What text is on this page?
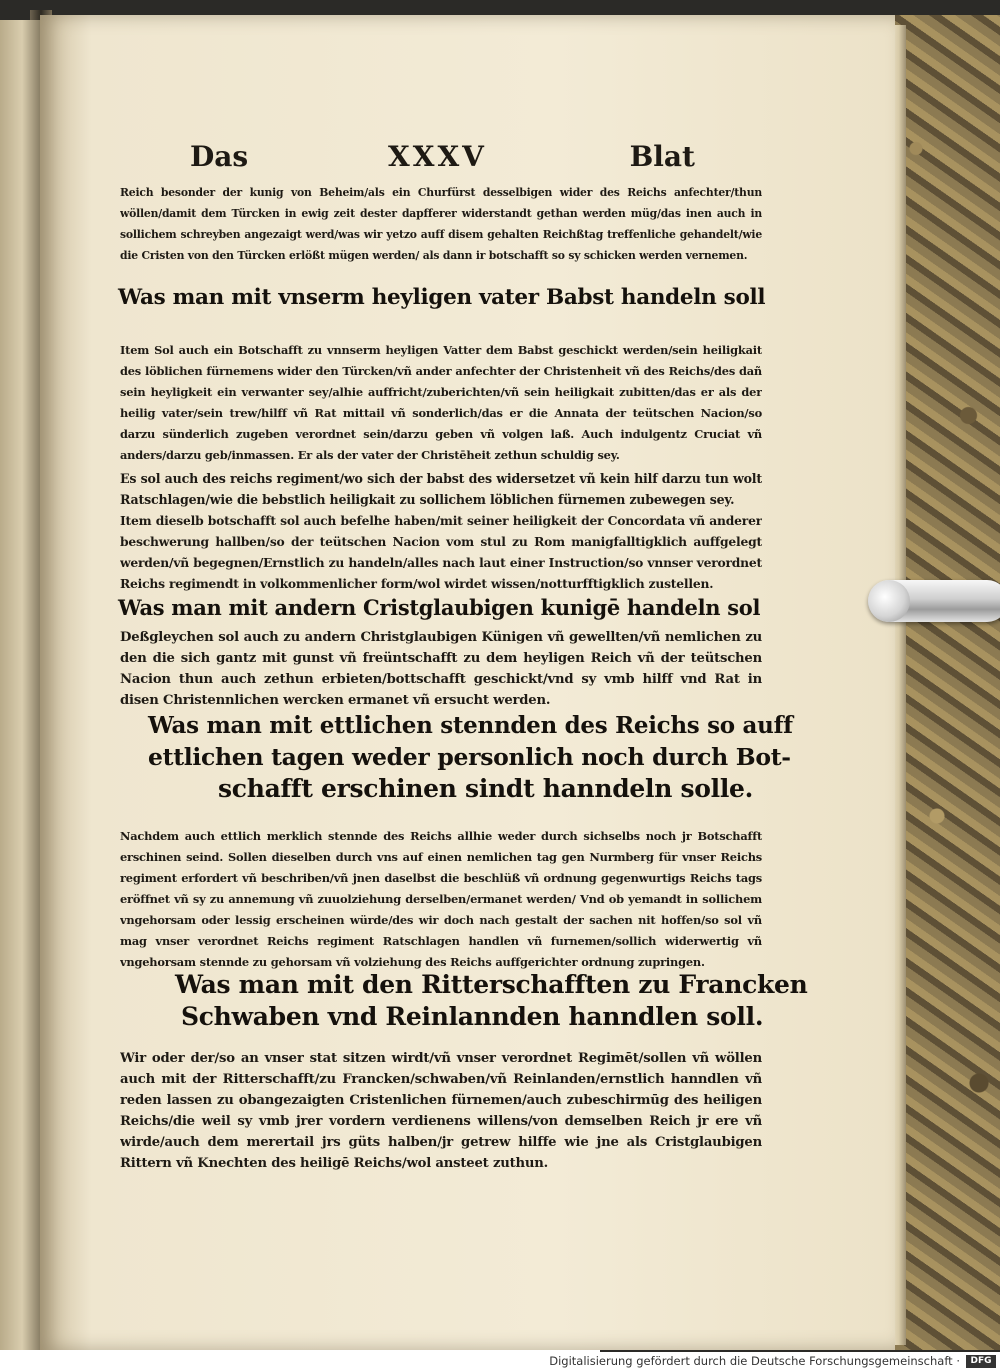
Das	XXXV	Blat

Reich besonder der kunig von Beheim/als ein Churfürst desselbigen wider des Reichs anfechter/thun wöllen/damit dem Türcken in ewig zeit dester dapfferer widerstandt gethan werden müg/das inen auch in sollichem schreyben angezaigt werd/was wir yetzo auff disem gehalten Reichßtag treffenliche gehandelt/wie die Cristen von den Türcken erlößt mügen werden/ als dann ir botschafft so sy schicken werden vernemen.

Was man mit vnserm heyligen vater Babst handeln soll

Item Sol auch ein Botschafft zu vnnserm heyligen Vatter dem Babst geschickt werden/sein heiligkait des löblichen fürnemens wider den Türcken/vñ ander anfechter der Christenheit vñ des Reichs/des dañ sein heyligkeit ein verwanter sey/alhie auffricht/zuberichten/vñ sein heiligkait zubitten/das er als der heilig vater/sein trew/hilff vñ Rat mittail vñ sonderlich/das er die Annata der teütschen Nacion/so darzu sünderlich zugeben verordnet sein/darzu geben vñ volgen laß. Auch indulgentz Cruciat vñ anders/darzu geb/inmassen. Er als der vater der Christēheit zethun schuldig sey.

Es sol auch des reichs regiment/wo sich der babst des widersetzet vñ kein hilf darzu tun wolt Ratschlagen/wie die bebstlich heiligkait zu sollichem löblichen fürnemen zubewegen sey.

Item dieselb botschafft sol auch befelhe haben/mit seiner heiligkeit der Concordata vñ anderer beschwerung hallben/so der teütschen Nacion vom stul zu Rom manigfalltigklich auffgelegt werden/vñ begegnen/Ernstlich zu handeln/alles nach laut einer Instruction/so vnnser verordnet Reichs regimendt in volkommenlicher form/wol wirdet wissen/notturfftigklich zustellen.

Was man mit andern Cristglaubigen kunigē handeln sol

Deßgleychen sol auch zu andern Christglaubigen Künigen vñ gewellten/vñ nemlichen zu den die sich gantz mit gunst vñ freüntschafft zu dem heyligen Reich vñ der teütschen Nacion thun auch zethun erbieten/bottschafft geschickt/vnd sy vmb hilff vnd Rat in disen Christennlichen wercken ermanet vñ ersucht werden.

Was man mit ettlichen stennden des Reichs so auff
ettlichen tagen weder personlich noch durch Bot-
schafft erschinen sindt hanndeln solle.

Nachdem auch ettlich merklich stennde des Reichs allhie weder durch sichselbs noch jr Botschafft erschinen seind. Sollen dieselben durch vns auf einen nemlichen tag gen Nurmberg für vnser Reichs regiment erfordert vñ beschriben/vñ jnen daselbst die beschlüß vñ ordnung gegenwurtigs Reichs tags eröffnet vñ sy zu annemung vñ zuuolziehung derselben/ermanet werden/ Vnd ob yemandt in sollichem vngehorsam oder lessig erscheinen würde/des wir doch nach gestalt der sachen nit hoffen/so sol vñ mag vnser verordnet Reichs regiment Ratschlagen handlen vñ furnemen/sollich widerwertig vñ vngehorsam stennde zu gehorsam vñ volziehung des Reichs auffgerichter ordnung zupringen.

Was man mit den Ritterschafften zu Francken
Schwaben vnd Reinlannden hanndlen soll.

Wir oder der/so an vnser stat sitzen wirdt/vñ vnser verordnet Regimēt/sollen vñ wöllen auch mit der Ritterschafft/zu Francken/schwaben/vñ Reinlanden/ernstlich hanndlen vñ reden lassen zu obangezaigten Cristenlichen fürnemen/auch zubeschirmūg des heiligen Reichs/die weil sy vmb jrer vordern verdienens willens/von demselben Reich jr ere vñ wirde/auch dem merertail jrs güts halben/jr getrew hilffe wie jne als Cristglaubigen Rittern vñ Knechten des heiligē Reichs/wol ansteet zuthun.

Digitalisierung gefördert durch die Deutsche Forschungsgemeinschaft ·	DFG
